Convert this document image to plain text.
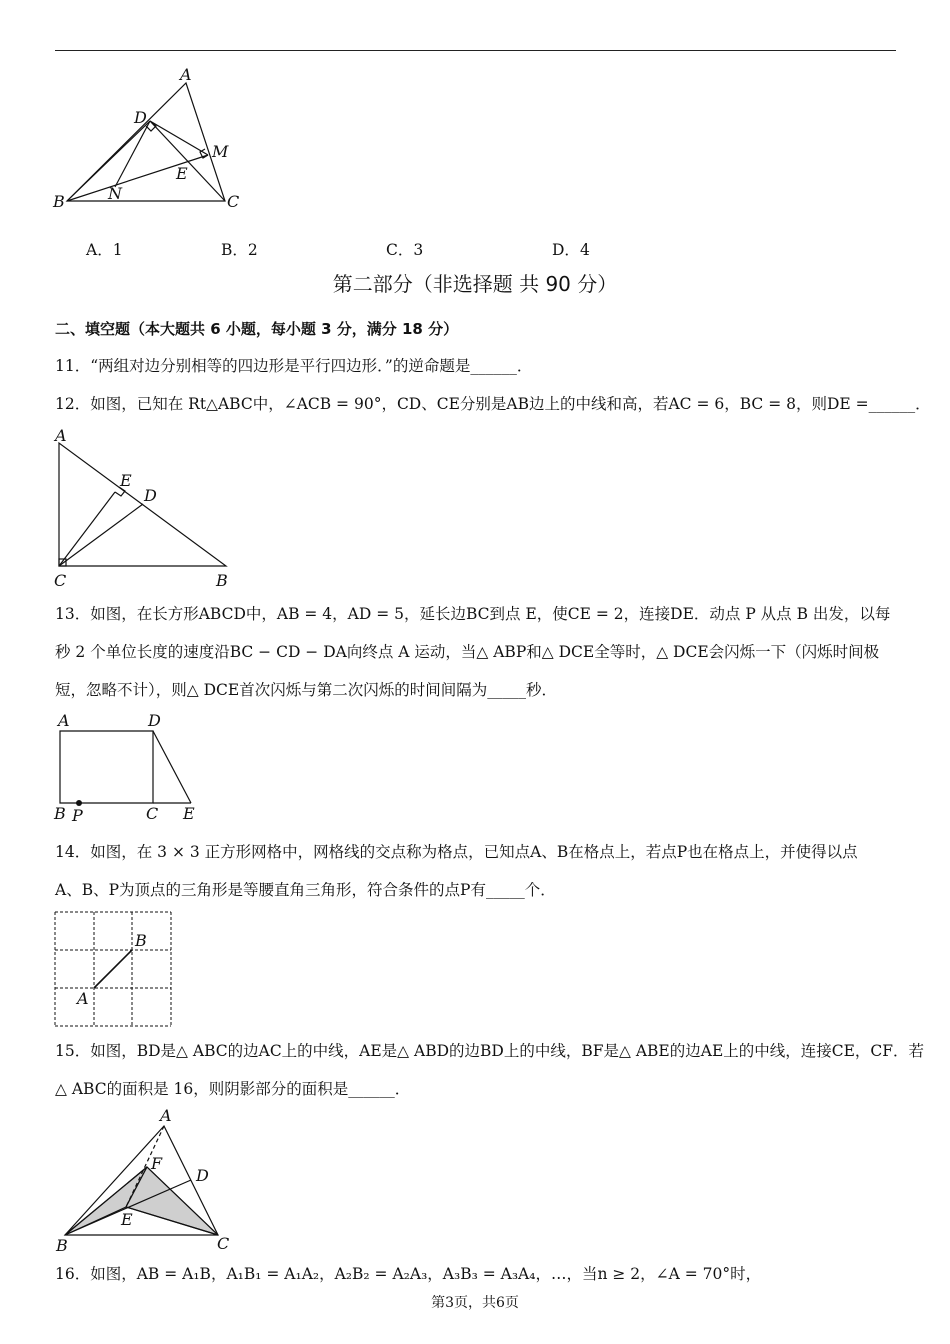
A
D
M
E
N
B	C
A．1	B．2	C．3	D．4
第二部分（非选择题 共 90 分）
二、填空题（本大题共 6 小题，每小题 3 分，满分 18 分）
11．“两组对边分别相等的四边形是平行四边形．”的逆命题是______．
12．如图，已知在 Rt△ABC中，∠ACB = 90°，CD、CE分别是AB边上的中线和高，若AC = 6，BC = 8，则DE =______．
A
E
D
C	B
13．如图，在长方形ABCD中，AB = 4，AD = 5，延长边BC到点 E，使CE = 2，连接DE．动点 P 从点 B 出发，以每
秒 2 个单位长度的速度沿BC − CD − DA向终点 A 运动，当△ ABP和△ DCE全等时，△ DCE会闪烁一下（闪烁时间极
短，忽略不计），则△ DCE首次闪烁与第二次闪烁的时间间隔为_____秒．
A	D
B P	C E
14．如图，在 3 × 3 正方形网格中，网格线的交点称为格点，已知点A、B在格点上，若点P也在格点上，并使得以点
A、B、P为顶点的三角形是等腰直角三角形，符合条件的点P有_____个．
A
B
15．如图，BD是△ ABC的边AC上的中线，AE是△ ABD的边BD上的中线，BF是△ ABE的边AE上的中线，连接CE，CF．若
△ ABC的面积是 16，则阴影部分的面积是______．
A
F
D
E
B	C
16．如图，AB = A₁B，A₁B₁ = A₁A₂，A₂B₂ = A₂A₃，A₃B₃ = A₃A₄，…，当n ≥ 2，∠A = 70°时，
第3页，共6页
